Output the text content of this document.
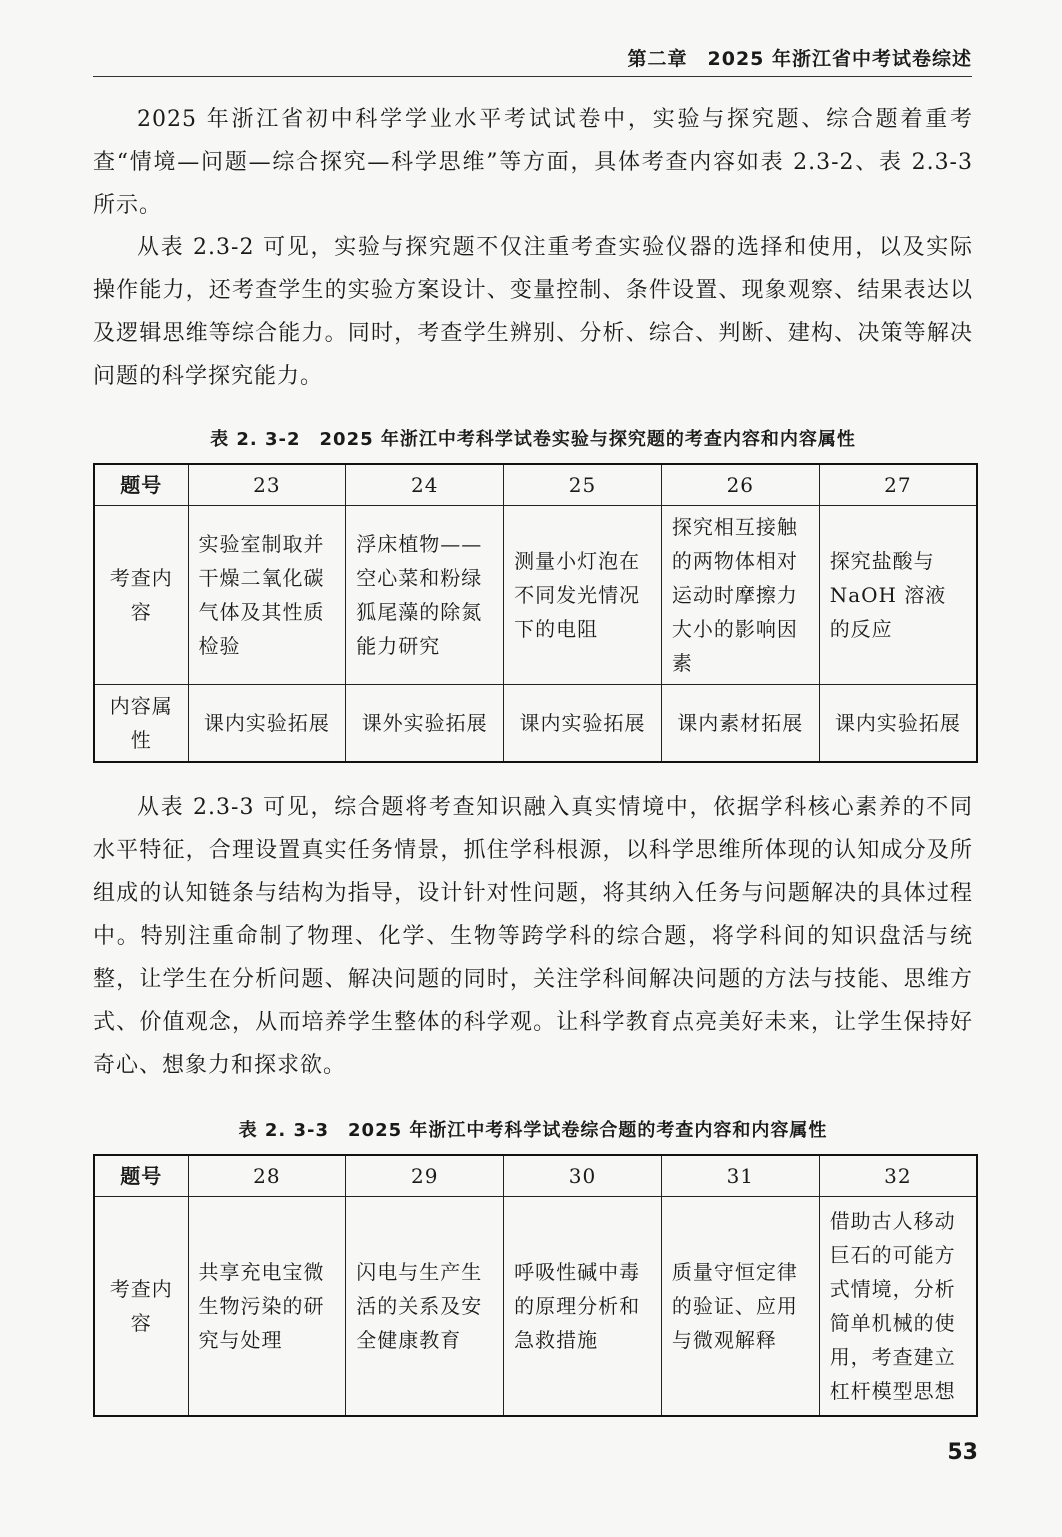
第二章　2025 年浙江省中考试卷综述

2025 年浙江省初中科学学业水平考试试卷中，实验与探究题、综合题着重考查“情境—问题—综合探究—科学思维”等方面，具体考查内容如表 2.3-2、表 2.3-3 所示。

从表 2.3-2 可见，实验与探究题不仅注重考查实验仪器的选择和使用，以及实际操作能力，还考查学生的实验方案设计、变量控制、条件设置、现象观察、结果表达以及逻辑思维等综合能力。同时，考查学生辨别、分析、综合、判断、建构、决策等解决问题的科学探究能力。

表 2. 3-2　2025 年浙江中考科学试卷实验与探究题的考查内容和内容属性
题号	23	24	25	26	27
考查内容	实验室制取并干燥二氧化碳气体及其性质检验	浮床植物——空心菜和粉绿狐尾藻的除氮能力研究	测量小灯泡在不同发光情况下的电阻	探究相互接触的两物体相对运动时摩擦力大小的影响因素	探究盐酸与NaOH 溶液的反应
内容属性	课内实验拓展	课外实验拓展	课内实验拓展	课内素材拓展	课内实验拓展

从表 2.3-3 可见，综合题将考查知识融入真实情境中，依据学科核心素养的不同水平特征，合理设置真实任务情景，抓住学科根源，以科学思维所体现的认知成分及所组成的认知链条与结构为指导，设计针对性问题，将其纳入任务与问题解决的具体过程中。特别注重命制了物理、化学、生物等跨学科的综合题，将学科间的知识盘活与统整，让学生在分析问题、解决问题的同时，关注学科间解决问题的方法与技能、思维方式、价值观念，从而培养学生整体的科学观。让科学教育点亮美好未来，让学生保持好奇心、想象力和探求欲。

表 2. 3-3　2025 年浙江中考科学试卷综合题的考查内容和内容属性
题号	28	29	30	31	32
考查内容	共享充电宝微生物污染的研究与处理	闪电与生产生活的关系及安全健康教育	呼吸性碱中毒的原理分析和急救措施	质量守恒定律的验证、应用与微观解释	借助古人移动巨石的可能方式情境，分析简单机械的使用，考查建立杠杆模型思想
53
